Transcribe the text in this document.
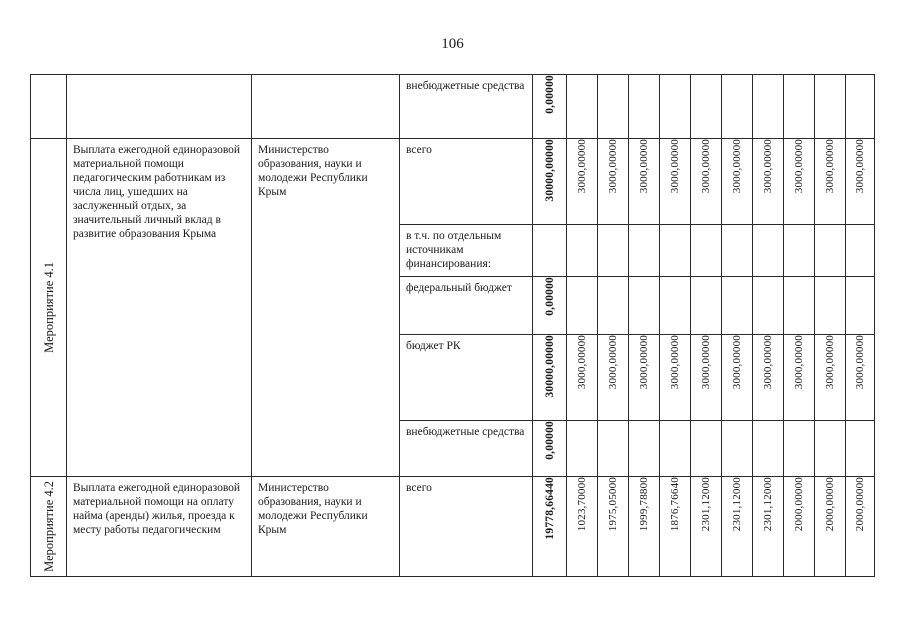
106

			внебюджетные средства	0,00000										

Мероприятие 4.1	Выплата ежегодной единоразовой материальной помощи педагогическим работникам из числа лиц, ушедших на заслуженный отдых, за значительный личный вклад в развитие образования Крыма	Министерство образования, науки и молодежи Республики Крым	всего	30000,00000	3000,00000	3000,00000	3000,00000	3000,00000	3000,00000	3000,00000	3000,00000	3000,00000	3000,00000	3000,00000

			в т.ч. по отдельным источникам финансирования:											

			федеральный бюджет	0,00000										

			бюджет РК	30000,00000	3000,00000	3000,00000	3000,00000	3000,00000	3000,00000	3000,00000	3000,00000	3000,00000	3000,00000	3000,00000

			внебюджетные средства	0,00000										

Мероприятие 4.2	Выплата ежегодной единоразовой материальной помощи на оплату найма (аренды) жилья, проезда к месту работы педагогическим	Министерство образования, науки и молодежи Республики Крым	всего	19778,66440	1023,70000	1975,05000	1999,78800	1876,76640	2301,12000	2301,12000	2301,12000	2000,00000	2000,00000	2000,00000
